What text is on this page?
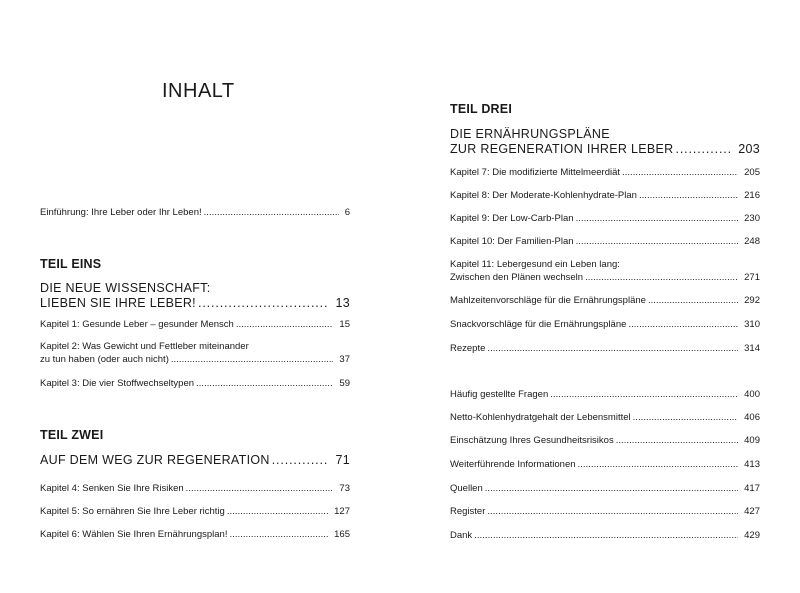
INHALT
Einführung: Ihre Leber oder Ihr Leben! . . .	6
TEIL EINS
DIE NEUE WISSENSCHAFT:
LIEBEN SIE IHRE LEBER! . . .	13
Kapitel 1: Gesunde Leber – gesunder Mensch . . .	15
Kapitel 2: Was Gewicht und Fettleber miteinander
zu tun haben (oder auch nicht) . . .	37
Kapitel 3: Die vier Stoffwechseltypen . . .	59
TEIL ZWEI
AUF DEM WEG ZUR REGENERATION . . .	71
Kapitel 4: Senken Sie Ihre Risiken . . .	73
Kapitel 5: So ernähren Sie Ihre Leber richtig . . .	127
Kapitel 6: Wählen Sie Ihren Ernährungsplan! . . .	165
TEIL DREI
DIE ERNÄHRUNGSPLÄNE
ZUR REGENERATION IHRER LEBER . . .	203
Kapitel 7: Die modifizierte Mittelmeerdiät . . .	205
Kapitel 8: Der Moderate-Kohlenhydrate-Plan . . .	216
Kapitel 9: Der Low-Carb-Plan . . .	230
Kapitel 10: Der Familien-Plan . . .	248
Kapitel 11: Lebergesund ein Leben lang:
Zwischen den Plänen wechseln . . .	271
Mahlzeitenvorschläge für die Ernährungspläne . . .	292
Snackvorschläge für die Ernährungspläne . . .	310
Rezepte . . .	314
Häufig gestellte Fragen . . .	400
Netto-Kohlenhydratgehalt der Lebensmittel . . .	406
Einschätzung Ihres Gesundheitsrisikos . . .	409
Weiterführende Informationen . . .	413
Quellen . . .	417
Register . . .	427
Dank . . .	429
